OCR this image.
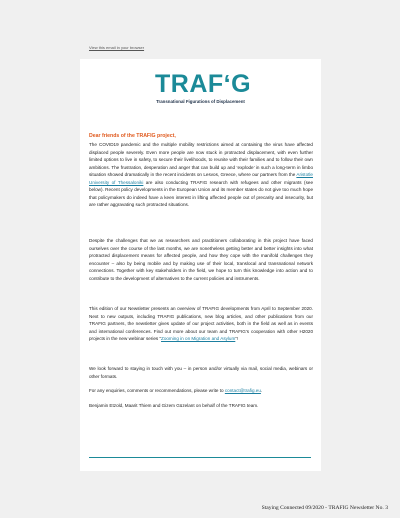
View this email in your browser
TRAFʻG
Transnational Figurations of Displacement
Dear friends of the TRAFIG project,

The COVID19 pandemic and the multiple mobility restrictions aimed at containing the virus have affected displaced people severely. Even more people are now stuck in protracted displacement, with even further limited options to live in safety, to secure their livelihoods, to reunite with their families and to follow their own ambitions. The frustration, desperation and anger that can build up and ‘explode’ in such a long-term in limbo situation showed dramatically in the recent incidents on Lesvos, Greece, where our partners from the Aristotle University of Thessaloniki are also conducting TRAFIG research with refugees and other migrants (see below). Recent policy developments in the European Union and its member states do not give too much hope that policymakers do indeed have a keen interest in lifting affected people out of precarity and insecurity, but are rather aggravating such protracted situations.

Despite the challenges that we as researchers and practitioners collaborating in this project have faced ourselves over the course of the last months, we are nonetheless getting better and better insights into what protracted displacement means for affected people, and how they cope with the manifold challenges they encounter – also by being mobile and by making use of their local, translocal and transnational network connections. Together with key stakeholders in the field, we hope to turn this knowledge into action and to contribute to the development of alternatives to the current policies and instruments.

This edition of our Newsletter presents an overview of TRAFIG developments from April to September 2020. Next to new outputs, including TRAFIG publications, new blog articles, and other publications from our TRAFIG partners, the newsletter gives update of our project activities, both in the field as well as in events and international conferences. Find out more about our team and TRAFIG’s cooperation with other H2020 projects in the new webinar series “Zooming in on Migration and Asylum”!

We look forward to staying in touch with you – in person and/or virtually via mail, social media, webinars or other formats.

For any enquiries, comments or recommendations, please write to contact@trafig.eu.

Benjamin Etzold, Maarit Thiem and Gizem Güzelant on behalf of the TRAFIG team.

Staying Connected 09/2020 - TRAFIG Newsletter No. 3
